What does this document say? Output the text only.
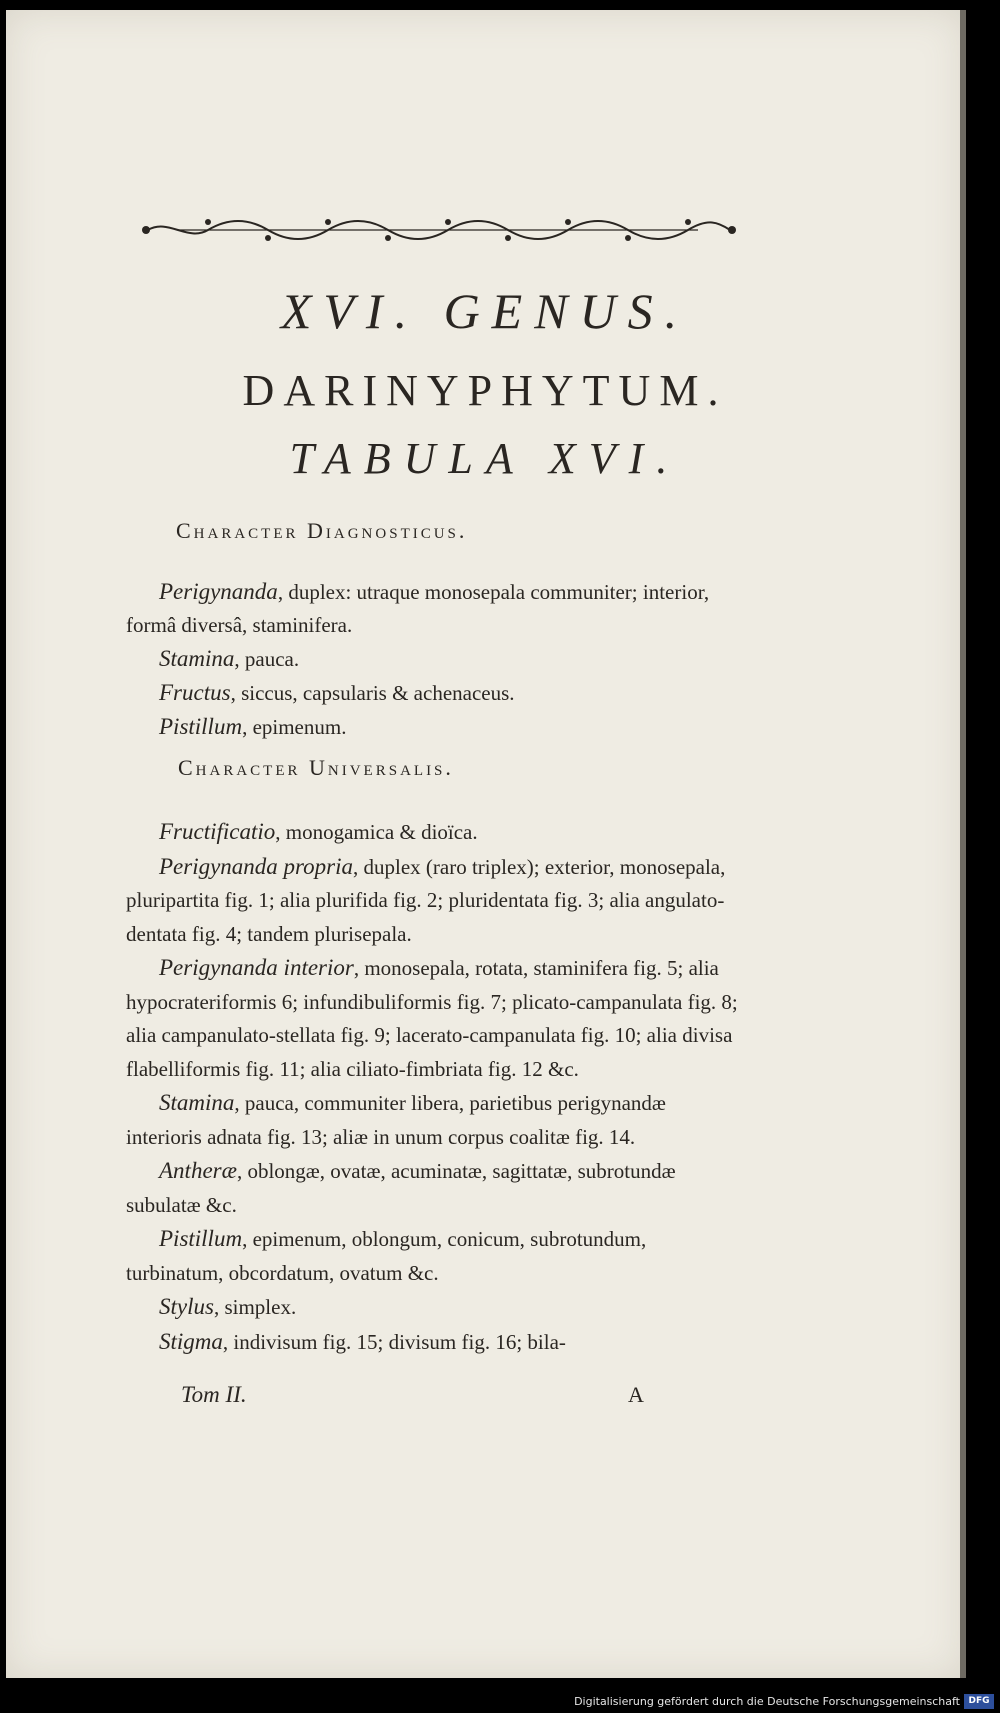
XVI. GENUS.
DARINYPHYTUM.
TABULA XVI.
Character Diagnosticus.

Perigynanda, duplex: utraque monosepala communiter; interior, formâ diversâ, staminifera.

Stamina, pauca.

Fructus, siccus, capsularis & achenaceus.

Pistillum, epimenum.

Character Universalis.

Fructificatio, monogamica & dioïca.

Perigynanda propria, duplex (raro triplex); exterior, monosepala, pluripartita fig. 1; alia plurifida fig. 2; pluridentata fig. 3; alia angulato-dentata fig. 4; tandem plurisepala.

Perigynanda interior, monosepala, rotata, staminifera fig. 5; alia hypocrateriformis 6; infundibuliformis fig. 7; plicato-campanulata fig. 8; alia campanulato-stellata fig. 9; lacerato-campanulata fig. 10; alia divisa flabelliformis fig. 11; alia ciliato-fimbriata fig. 12 &c.

Stamina, pauca, communiter libera, parietibus perigynandæ interioris adnata fig. 13; aliæ in unum corpus coalitæ fig. 14.

Antheræ, oblongæ, ovatæ, acuminatæ, sagittatæ, subrotundæ subulatæ &c.

Pistillum, epimenum, oblongum, conicum, subrotundum, turbinatum, obcordatum, ovatum &c.

Stylus, simplex.

Stigma, indivisum fig. 15; divisum fig. 16; bila-

Tom II.	A
Digitalisierung gefördert durch die Deutsche Forschungsgemeinschaft DFG
